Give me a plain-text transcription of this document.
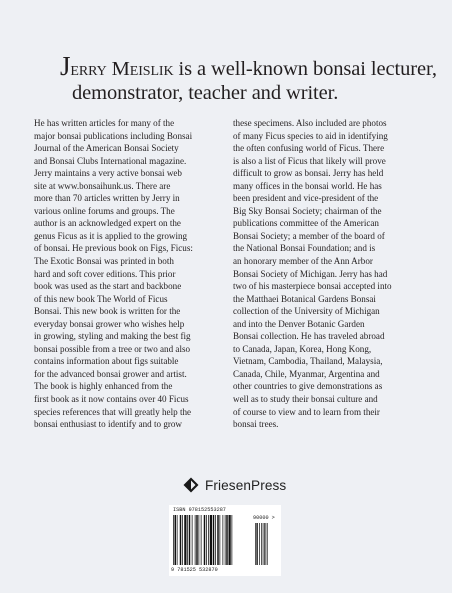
Jerry Meislik is a well-known bonsai lecturer,
demonstrator, teacher and writer.
He has written articles for many of the
major bonsai publications including Bonsai
Journal of the American Bonsai Society
and Bonsai Clubs International magazine.
Jerry maintains a very active bonsai web
site at www.bonsaihunk.us. There are
more than 70 articles written by Jerry in
various online forums and groups. The
author is an acknowledged expert on the
genus Ficus as it is applied to the growing
of bonsai. He previous book on Figs, Ficus:
The Exotic Bonsai was printed in both
hard and soft cover editions. This prior
book was used as the start and backbone
of this new book The World of Ficus
Bonsai. This new book is written for the
everyday bonsai grower who wishes help
in growing, styling and making the best fig
bonsai possible from a tree or two and also
contains information about figs suitable
for the advanced bonsai grower and artist.
The book is highly enhanced from the
first book as it now contains over 40 Ficus
species references that will greatly help the
bonsai enthusiast to identify and to grow
these specimens. Also included are photos
of many Ficus species to aid in identifying
the often confusing world of Ficus. There
is also a list of Ficus that likely will prove
difficult to grow as bonsai. Jerry has held
many offices in the bonsai world. He has
been president and vice-president of the
Big Sky Bonsai Society; chairman of the
publications committee of the American
Bonsai Society; a member of the board of
the National Bonsai Foundation; and is
an honorary member of the Ann Arbor
Bonsai Society of Michigan. Jerry has had
two of his masterpiece bonsai accepted into
the Matthaei Botanical Gardens Bonsai
collection of the University of Michigan
and into the Denver Botanic Garden
Bonsai collection. He has traveled abroad
to Canada, Japan, Korea, Hong Kong,
Vietnam, Cambodia, Thailand, Malaysia,
Canada, Chile, Myanmar, Argentina and
other countries to give demonstrations as
well as to study their bonsai culture and
of course to view and to learn from their
bonsai trees.
FriesenPress
ISBN 978152553287
90000 >
9 781525 532870
